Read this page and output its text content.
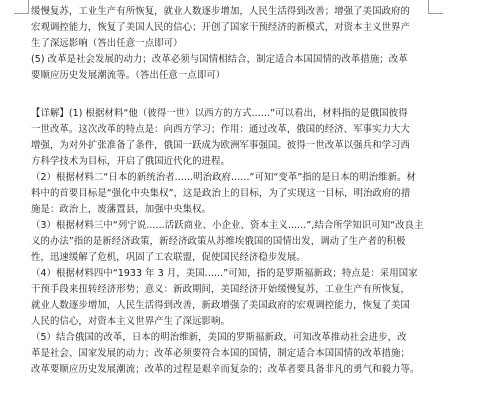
缓慢复苏，工业生产有所恢复，就业人数逐步增加，人民生活得到改善；增强了美国政府的
宏观调控能力，恢复了美国人民的信心；开创了国家干预经济的新模式，对资本主义世界产
生了深远影响（答出任意一点即可）
(5) 改革是社会发展的动力；改革必须与国情相结合，制定适合本国国情的改革措施；改革
要顺应历史发展潮流等。（答出任意一点即可）
【详解】(1) 根据材料“他（彼得一世）以西方的方式......”可以看出，材料指的是俄国彼得
一世改革。这次改革的特点是：向西方学习；作用：通过改革，俄国的经济、军事实力大大
增强，为对外扩张准备了条件，俄国一跃成为欧洲军事强国。彼得一世改革以强兵和学习西
方科学技术为目标，开启了俄国近代化的进程。
（2）根据材料二“日本的新统治者......明治政府......”可知“变革”指的是日本的明治维新。材
料中的首要目标是“强化中央集权”，这是政治上的目标，为了实现这一目标，明治政府的措
施是：政治上，废藩置县，加强中央集权。
（3）根据材料三中“列宁说......活跃商业、小企业、资本主义......”,结合所学知识可知“改良主
义的办法”指的是新经济政策，新经济政策从苏维埃俄国的国情出发，调动了生产者的积极
性，迅速缓解了危机，巩固了工农联盟，促使国民经济稳步发展。
（4）根据材料四中“1933 年 3 月，美国......”可知，指的是罗斯福新政；特点是：采用国家
干预手段来扭转经济形势；意义：新政期间，美国经济开始缓慢复苏，工业生产有所恢复，
就业人数逐步增加，人民生活得到改善，新政增强了美国政府的宏观调控能力，恢复了美国
人民的信心，对资本主义世界产生了深远影响。
（5）结合俄国的改革，日本的明治维新，美国的罗斯福新政，可知改革推动社会进步，改
革是社会、国家发展的动力；改革必须要符合本国的国情，制定适合本国国情的改革措施；
改革要顺应历史发展潮流；改革的过程是艰辛而复杂的；改革者要具备非凡的勇气和毅力等。
